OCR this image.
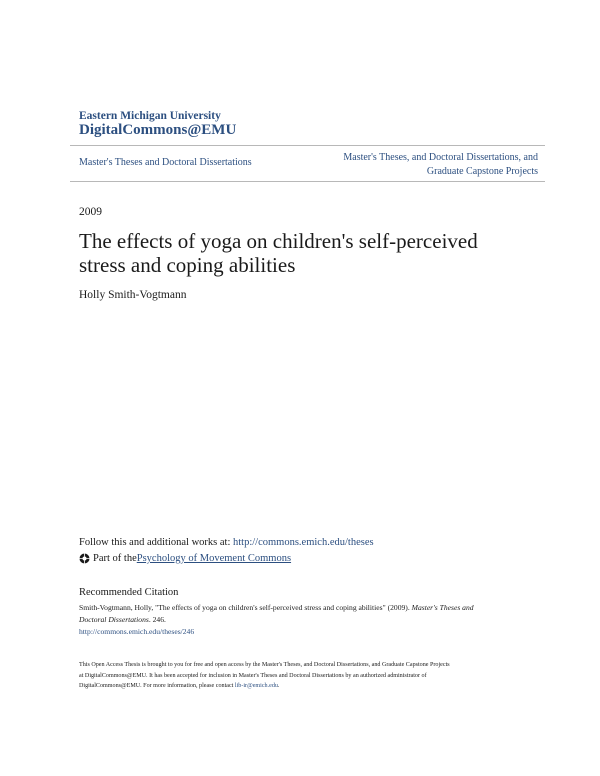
Eastern Michigan University
DigitalCommons@EMU
Master's Theses and Doctoral Dissertations	Master's Theses, and Doctoral Dissertations, and
Graduate Capstone Projects
2009
The effects of yoga on children's self-perceived
stress and coping abilities
Holly Smith-Vogtmann
Follow this and additional works at: http://commons.emich.edu/theses
Part of the Psychology of Movement Commons
Recommended Citation
Smith-Vogtmann, Holly, "The effects of yoga on children's self-perceived stress and coping abilities" (2009). Master's Theses and
Doctoral Dissertations. 246.
http://commons.emich.edu/theses/246
This Open Access Thesis is brought to you for free and open access by the Master's Theses, and Doctoral Dissertations, and Graduate Capstone Projects
at DigitalCommons@EMU. It has been accepted for inclusion in Master's Theses and Doctoral Dissertations by an authorized administrator of
DigitalCommons@EMU. For more information, please contact lib-ir@emich.edu.
